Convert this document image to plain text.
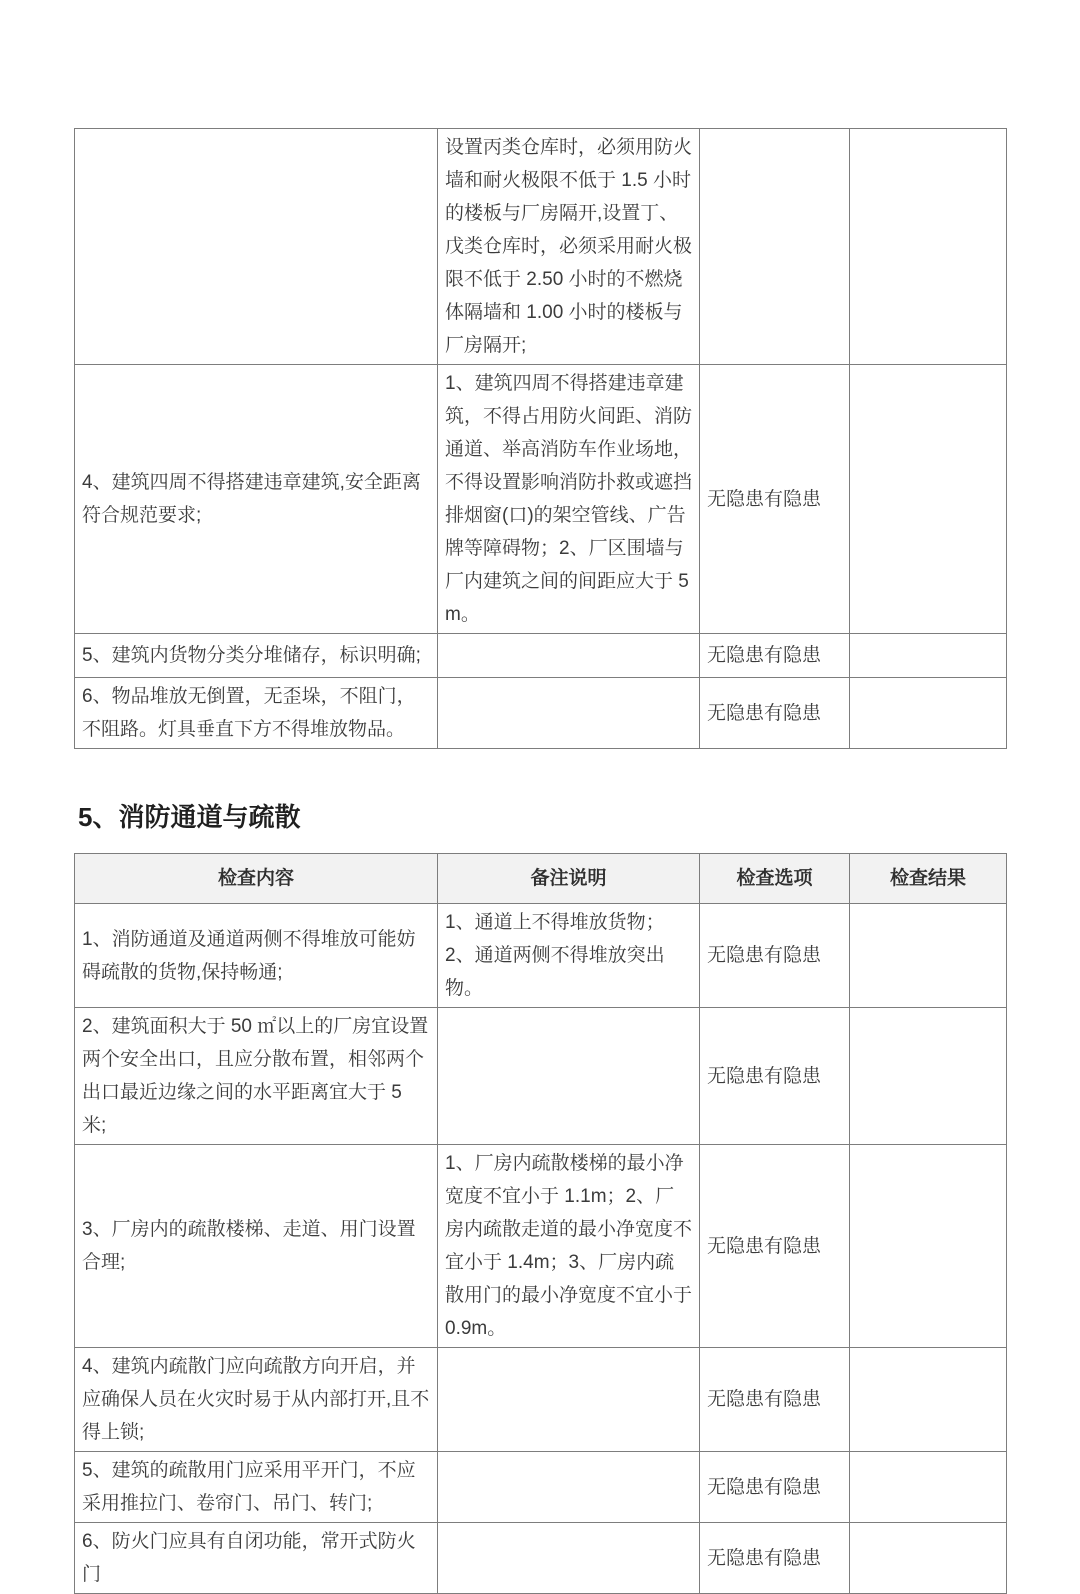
	设置丙类仓库时，必须用防火墙和耐火极限不低于 1.5 小时的楼板与厂房隔开,设置丁、戊类仓库时，必须采用耐火极限不低于 2.50 小时的不燃烧体隔墙和 1.00 小时的楼板与厂房隔开;		
4、建筑四周不得搭建违章建筑,安全距离符合规范要求;	1、建筑四周不得搭建违章建筑，不得占用防火间距、消防通道、举高消防车作业场地，不得设置影响消防扑救或遮挡排烟窗(口)的架空管线、广告牌等障碍物；2、厂区围墙与厂内建筑之间的间距应大于 5m。	无隐患有隐患	
5、建筑内货物分类分堆储存，标识明确;		无隐患有隐患	
6、物品堆放无倒置，无歪垛，不阻门，不阻路。灯具垂直下方不得堆放物品。		无隐患有隐患	
5、消防通道与疏散
检查内容	备注说明	检查选项	检查结果
1、消防通道及通道两侧不得堆放可能妨碍疏散的货物,保持畅通;	1、通道上不得堆放货物；2、通道两侧不得堆放突出物。	无隐患有隐患	
2、建筑面积大于 50 ㎡以上的厂房宜设置两个安全出口，且应分散布置，相邻两个出口最近边缘之间的水平距离宜大于 5 米;		无隐患有隐患	
3、厂房内的疏散楼梯、走道、用门设置合理;	1、厂房内疏散楼梯的最小净宽度不宜小于 1.1m；2、厂房内疏散走道的最小净宽度不宜小于 1.4m；3、厂房内疏散用门的最小净宽度不宜小于 0.9m。	无隐患有隐患	
4、建筑内疏散门应向疏散方向开启，并应确保人员在火灾时易于从内部打开,且不得上锁;		无隐患有隐患	
5、建筑的疏散用门应采用平开门，不应采用推拉门、卷帘门、吊门、转门;		无隐患有隐患	
6、防火门应具有自闭功能，常开式防火门		无隐患有隐患	
